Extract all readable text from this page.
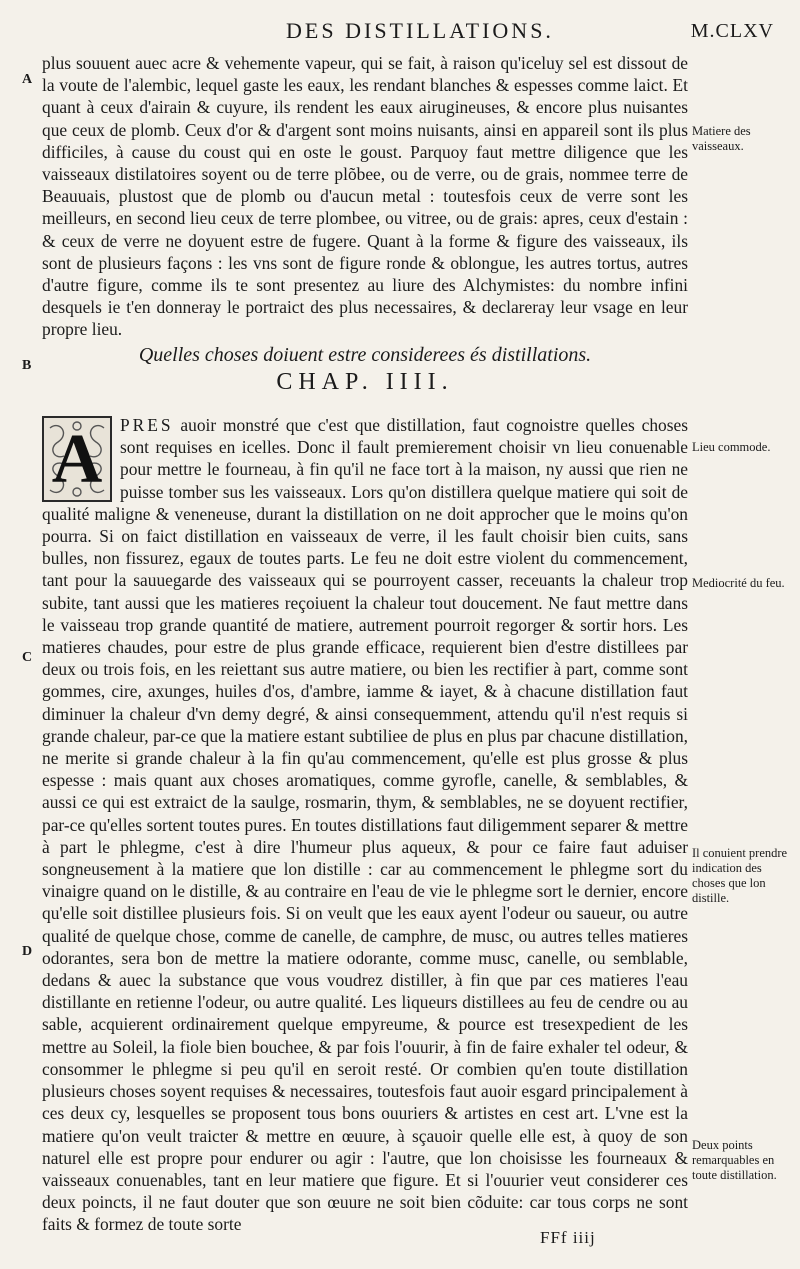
DES DISTILLATIONS.	M.CLXV
A
B
C
D

plus souuent auec acre & vehemente vapeur, qui se fait, à raison qu'iceluy sel est dissout de la voute de l'alembic, lequel gaste les eaux, les rendant blanches & espesses comme laict. Et quant à ceux d'airain & cuyure, ils rendent les eaux airugineuses, & encore plus nuisantes que ceux de plomb. Ceux d'or & d'argent sont moins nuisants, ainsi en appareil sont ils plus difficiles, à cause du coust qui en oste le goust. Parquoy faut mettre diligence que les vaisseaux distilatoires soyent ou de terre plõbee, ou de verre, ou de grais, nommee terre de Beauuais, plustost que de plomb ou d'aucun metal : toutesfois ceux de verre sont les meilleurs, en second lieu ceux de terre plombee, ou vitree, ou de grais: apres, ceux d'estain : & ceux de verre ne doyuent estre de fugere. Quant à la forme & figure des vaisseaux, ils sont de plusieurs façons : les vns sont de figure ronde & oblongue, les autres tortus, autres d'autre figure, comme ils te sont presentez au liure des Alchymistes: du nombre infini desquels ie t'en donneray le portraict des plus necessaires, & declareray leur vsage en leur propre lieu.

Quelles choses doiuent estre considerees és distillations.
CHAP. IIII.
A	PRES auoir monstré que c'est que distillation, faut cognoistre quelles choses sont requises en icelles. Donc il fault premierement choisir vn lieu conuenable pour mettre le fourneau, à fin qu'il ne face tort à la maison, ny aussi que rien ne puisse tomber sus les vaisseaux. Lors qu'on distillera quelque matiere qui soit de qualité maligne & veneneuse, durant la distillation on ne doit approcher que le moins qu'on pourra. Si on faict distillation en vaisseaux de verre, il les fault choisir bien cuits, sans bulles, non fissurez, egaux de toutes parts. Le feu ne doit estre violent du commencement, tant pour la sauuegarde des vaisseaux qui se pourroyent casser, receuants la chaleur trop subite, tant aussi que les matieres reçoiuent la chaleur tout doucement. Ne faut mettre dans le vaisseau trop grande quantité de matiere, autrement pourroit regorger & sortir hors. Les matieres chaudes, pour estre de plus grande efficace, requierent bien d'estre distillees par deux ou trois fois, en les reiettant sus autre matiere, ou bien les rectifier à part, comme sont gommes, cire, axunges, huiles d'os, d'ambre, iamme & iayet, & à chacune distillation faut diminuer la chaleur d'vn demy degré, & ainsi consequemment, attendu qu'il n'est requis si grande chaleur, par-ce que la matiere estant subtiliee de plus en plus par chacune distillation, ne merite si grande chaleur à la fin qu'au commencement, qu'elle est plus grosse & plus espesse : mais quant aux choses aromatiques, comme gyrofle, canelle, & semblables, & aussi ce qui est extraict de la saulge, rosmarin, thym, & semblables, ne se doyuent rectifier, par-ce qu'elles sortent toutes pures. En toutes distillations faut diligemment separer & mettre à part le phlegme, c'est à dire l'humeur plus aqueux, & pour ce faire faut aduiser songneusement à la matiere que lon distille : car au commencement le phlegme sort du vinaigre quand on le distille, & au contraire en l'eau de vie le phlegme sort le dernier, encore qu'elle soit distillee plusieurs fois. Si on veult que les eaux ayent l'odeur ou saueur, ou autre qualité de quelque chose, comme de canelle, de camphre, de musc, ou autres telles matieres odorantes, sera bon de mettre la matiere odorante, comme musc, canelle, ou semblable, dedans & auec la substance que vous voudrez distiller, à fin que par ces matieres l'eau distillante en retienne l'odeur, ou autre qualité. Les liqueurs distillees au feu de cendre ou au sable, acquierent ordinairement quelque empyreume, & pource est tresexpedient de les mettre au Soleil, la fiole bien bouchee, & par fois l'ouurir, à fin de faire exhaler tel odeur, & consommer le phlegme si peu qu'il en seroit resté. Or combien qu'en toute distillation plusieurs choses soyent requises & necessaires, toutesfois faut auoir esgard principalement à ces deux cy, lesquelles se proposent tous bons ouuriers & artistes en cest art. L'vne est la matiere qu'on veult traicter & mettre en œuure, à sçauoir quelle elle est, à quoy de son naturel elle est propre pour endurer ou agir : l'autre, que lon choisisse les fourneaux & vaisseaux conuenables, tant en leur matiere que figure. Et si l'ouurier veut considerer ces deux poincts, il ne faut douter que son œuure ne soit bien cõduite: car tous corps ne sont faits & formez de toute sorte

Matiere des vaisseaux.
Lieu commode.
Mediocrité du feu.
Il conuient prendre indication des choses que lon distille.
Deux points remarquables en toute distillation.
FFf iiij
